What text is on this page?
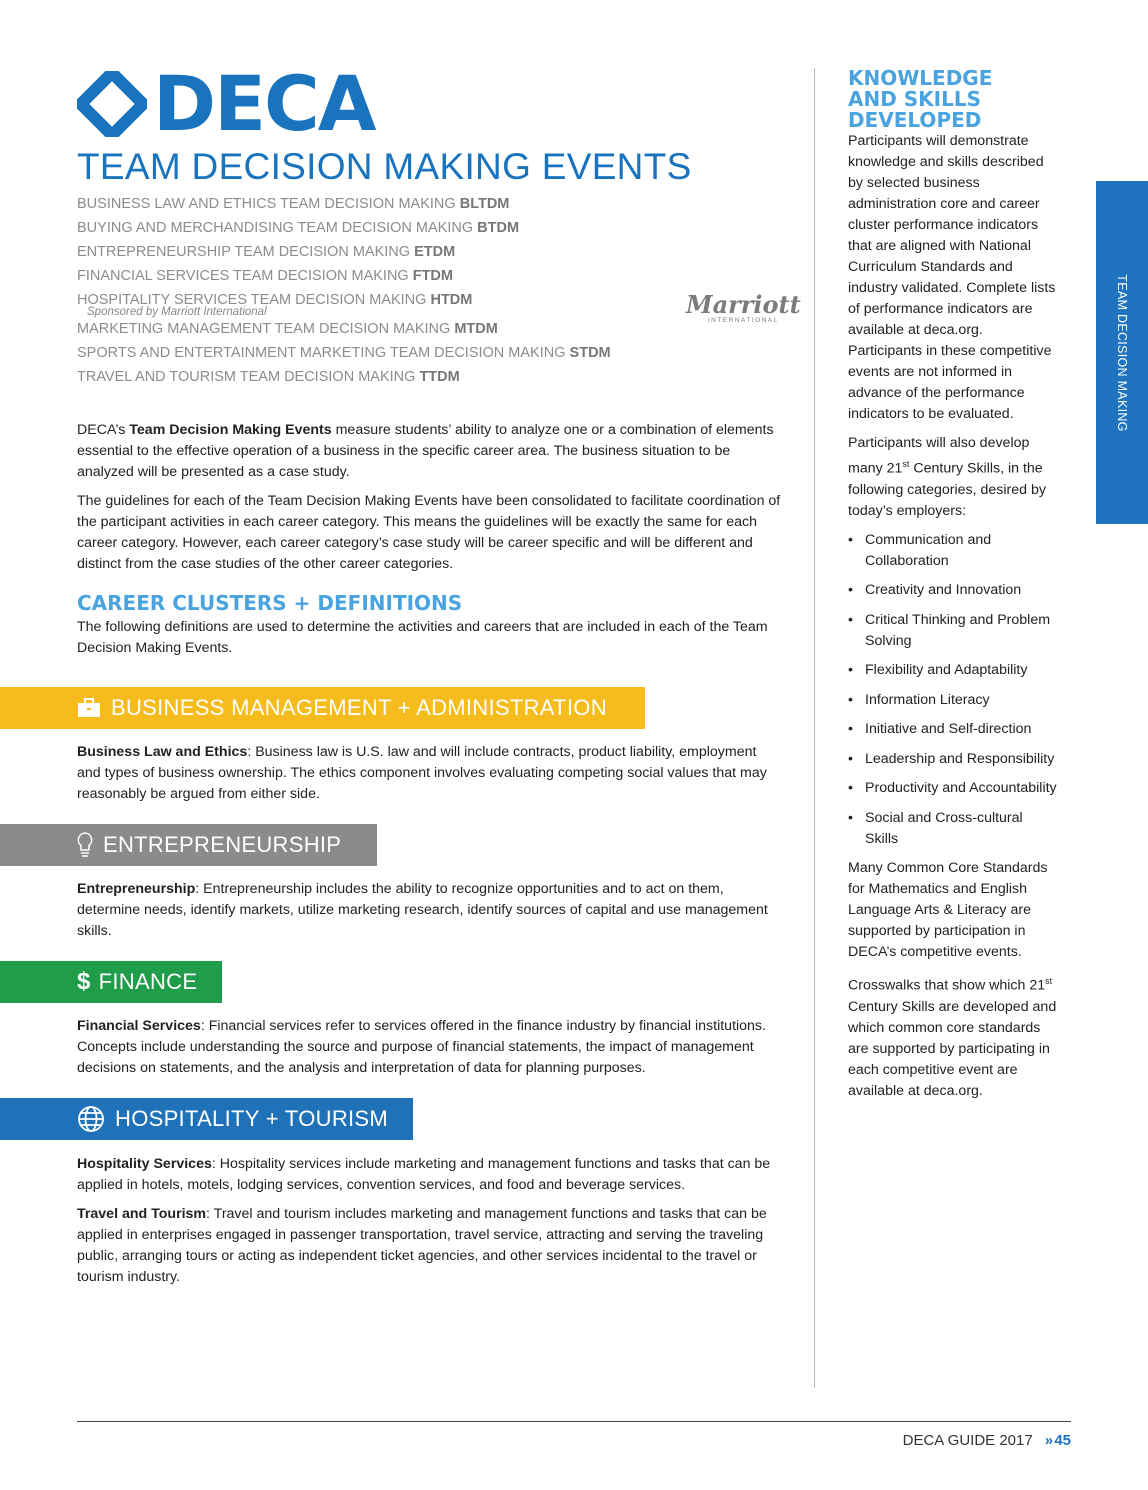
DECA
TEAM DECISION MAKING EVENTS
BUSINESS LAW AND ETHICS TEAM DECISION MAKING BLTDM
BUYING AND MERCHANDISING TEAM DECISION MAKING BTDM
ENTREPRENEURSHIP TEAM DECISION MAKING ETDM
FINANCIAL SERVICES TEAM DECISION MAKING FTDM
HOSPITALITY SERVICES TEAM DECISION MAKING HTDM
Sponsored by Marriott International
MARKETING MANAGEMENT TEAM DECISION MAKING MTDM
SPORTS AND ENTERTAINMENT MARKETING TEAM DECISION MAKING STDM
TRAVEL AND TOURISM TEAM DECISION MAKING TTDM
Marriott
INTERNATIONAL

DECA’s Team Decision Making Events measure students’ ability to analyze one or a combination of elements essential to the effective operation of a business in the specific career area. The business situation to be analyzed will be presented as a case study.

The guidelines for each of the Team Decision Making Events have been consolidated to facilitate coordination of the participant activities in each career category. This means the guidelines will be exactly the same for each career category. However, each career category’s case study will be career specific and will be different and distinct from the case studies of the other career categories.

CAREER CLUSTERS + DEFINITIONS

The following definitions are used to determine the activities and careers that are included in each of the Team Decision Making Events.

BUSINESS MANAGEMENT + ADMINISTRATION

Business Law and Ethics: Business law is U.S. law and will include contracts, product liability, employment and types of business ownership. The ethics component involves evaluating competing social values that may reasonably be argued from either side.

ENTREPRENEURSHIP

Entrepreneurship: Entrepreneurship includes the ability to recognize opportunities and to act on them, determine needs, identify markets, utilize marketing research, identify sources of capital and use management skills.

$ FINANCE

Financial Services: Financial services refer to services offered in the finance industry by financial institutions. Concepts include understanding the source and purpose of financial statements, the impact of management decisions on statements, and the analysis and interpretation of data for planning purposes.

HOSPITALITY + TOURISM

Hospitality Services: Hospitality services include marketing and management functions and tasks that can be applied in hotels, motels, lodging services, convention services, and food and beverage services.

Travel and Tourism: Travel and tourism includes marketing and management functions and tasks that can be applied in enterprises engaged in passenger transportation, travel service, attracting and serving the traveling public, arranging tours or acting as independent ticket agencies, and other services incidental to the travel or tourism industry.

KNOWLEDGE
AND SKILLS
DEVELOPED

Participants will demonstrate knowledge and skills described by selected business administration core and career cluster performance indicators that are aligned with National Curriculum Standards and industry validated. Complete lists of performance indicators are available at deca.org. Participants in these competitive events are not informed in advance of the performance indicators to be evaluated.

Participants will also develop many 21st Century Skills, in the following categories, desired by today’s employers:

• Communication and Collaboration
• Creativity and Innovation
• Critical Thinking and Problem Solving
• Flexibility and Adaptability
• Information Literacy
• Initiative and Self-direction
• Leadership and Responsibility
• Productivity and Accountability
• Social and Cross-cultural Skills

Many Common Core Standards for Mathematics and English Language Arts & Literacy are supported by participation in DECA’s competitive events.

Crosswalks that show which 21st Century Skills are developed and which common core standards are supported by participating in each competitive event are available at deca.org.

TEAM DECISION MAKING
DECA GUIDE 2017 » 45
